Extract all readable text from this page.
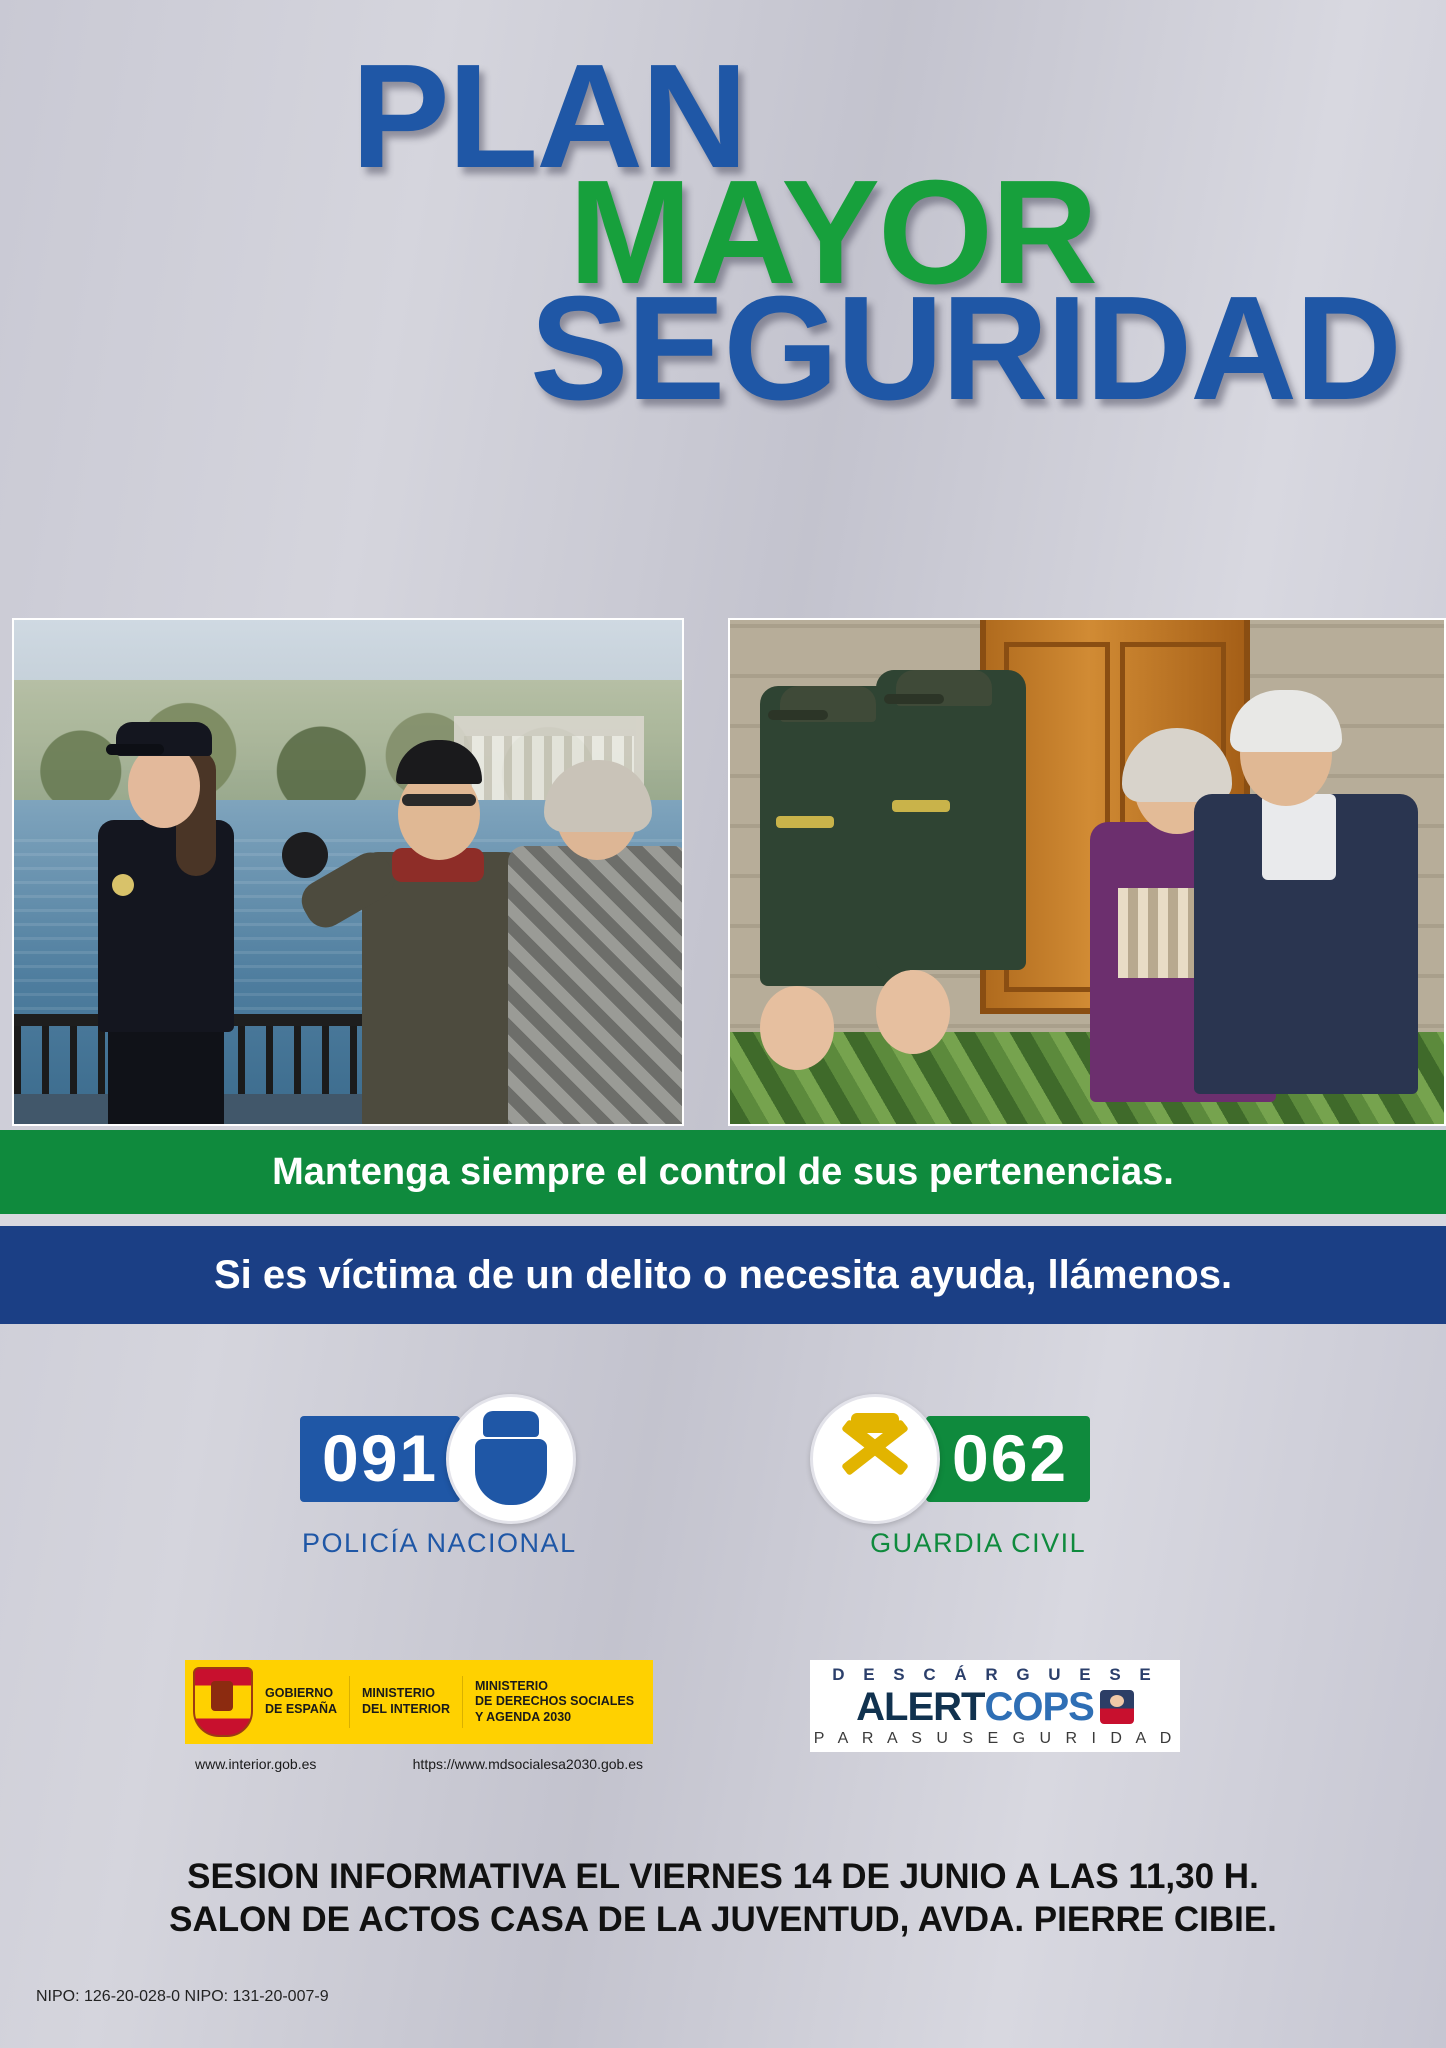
PLAN
MAYOR
SEGURIDAD
Mantenga siempre el control de sus pertenencias.
Si es víctima de un delito o necesita ayuda, llámenos.
091
POLICÍA NACIONAL
062
GUARDIA CIVIL
GOBIERNO
DE ESPAÑA
MINISTERIO
DEL INTERIOR
MINISTERIO
DE DERECHOS SOCIALES
Y AGENDA 2030
www.interior.gob.es	https://www.mdsocialesa2030.gob.es
D E S C Á R G U E S E
A LERT COPS
P A R A S U S E G U R I D A D
SESION INFORMATIVA EL VIERNES 14 DE JUNIO A LAS 11,30 H.
SALON DE ACTOS CASA DE LA JUVENTUD, AVDA. PIERRE CIBIE.
NIPO: 126-20-028-0 NIPO: 131-20-007-9
